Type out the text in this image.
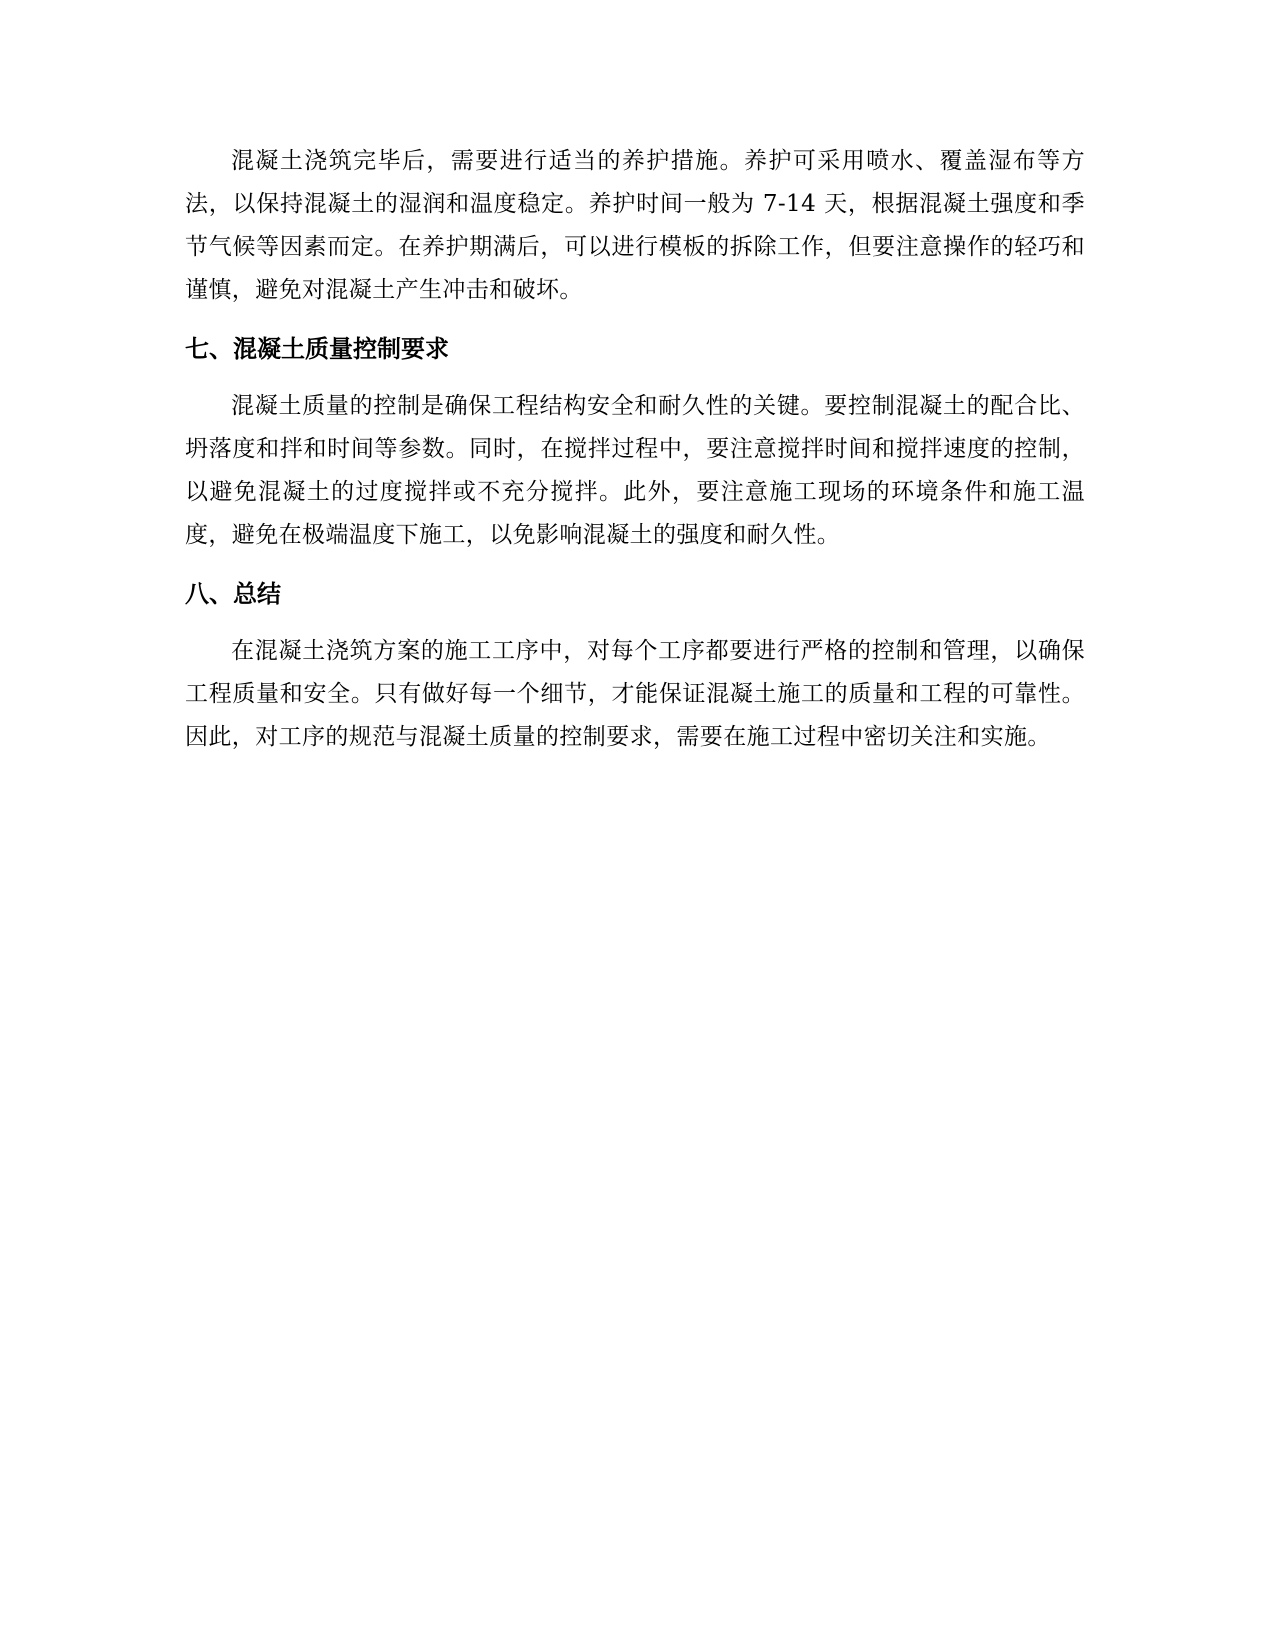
混凝土浇筑完毕后，需要进行适当的养护措施。养护可采用喷水、覆盖湿布等方法，以保持混凝土的湿润和温度稳定。养护时间一般为 7-14 天，根据混凝土强度和季节气候等因素而定。在养护期满后，可以进行模板的拆除工作，但要注意操作的轻巧和谨慎，避免对混凝土产生冲击和破坏。

七、混凝土质量控制要求

混凝土质量的控制是确保工程结构安全和耐久性的关键。要控制混凝土的配合比、坍落度和拌和时间等参数。同时，在搅拌过程中，要注意搅拌时间和搅拌速度的控制，以避免混凝土的过度搅拌或不充分搅拌。此外，要注意施工现场的环境条件和施工温度，避免在极端温度下施工，以免影响混凝土的强度和耐久性。

八、总结

在混凝土浇筑方案的施工工序中，对每个工序都要进行严格的控制和管理，以确保工程质量和安全。只有做好每一个细节，才能保证混凝土施工的质量和工程的可靠性。因此，对工序的规范与混凝土质量的控制要求，需要在施工过程中密切关注和实施。
